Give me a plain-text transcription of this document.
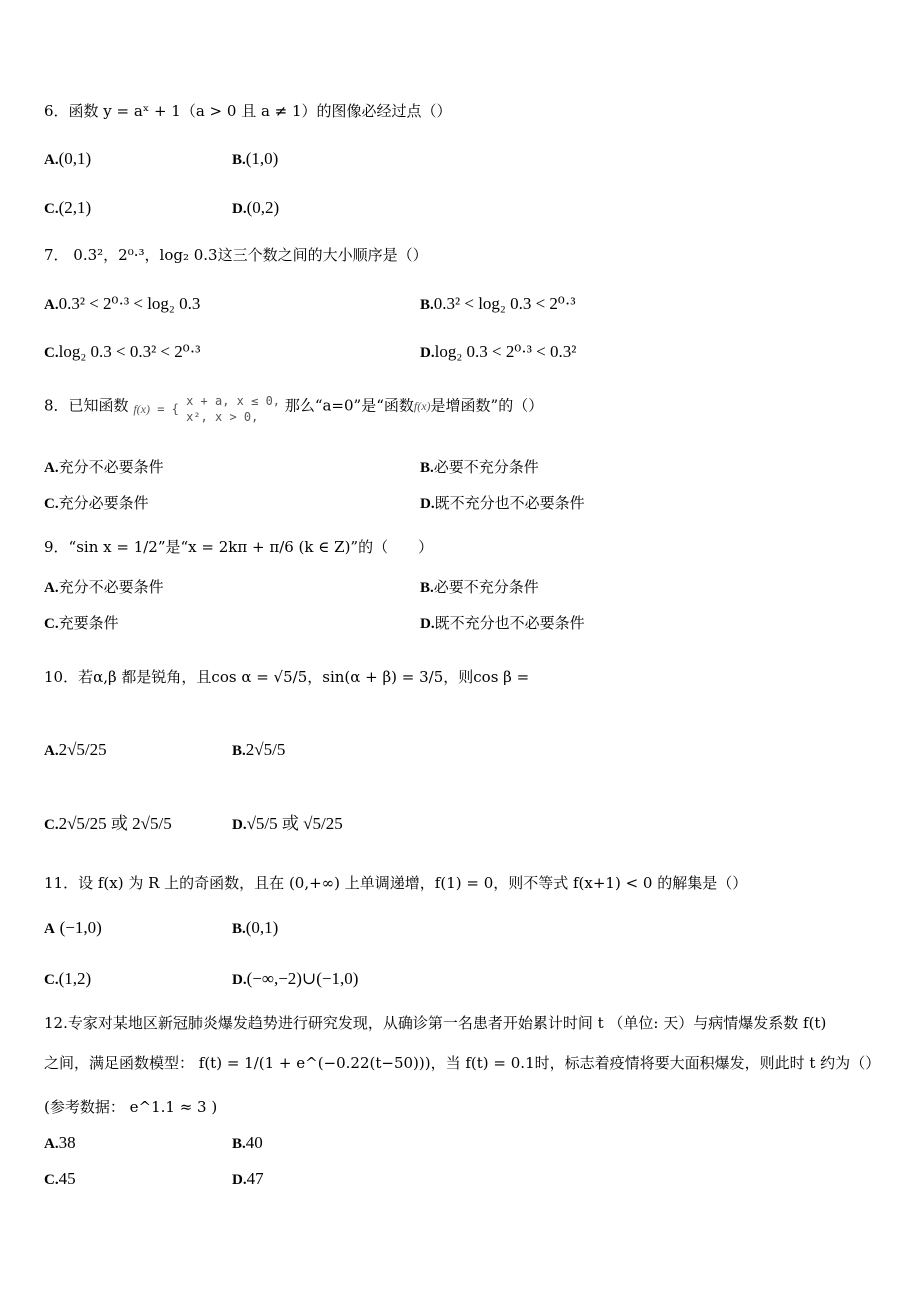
6．函数 y = aˣ + 1（a > 0 且 a ≠ 1）的图像必经过点（）
A.(0,1)	B.(1,0)
C.(2,1)	D.(0,2)
7． 0.3²，2⁰·³，log₂ 0.3这三个数之间的大小顺序是（）
A.0.3² < 2⁰·³ < log₂ 0.3	B.0.3² < log₂ 0.3 < 2⁰·³
C.log₂ 0.3 < 0.3² < 2⁰·³	D.log₂ 0.3 < 2⁰·³ < 0.3²
8．已知函数 f(x) = {
x + a, x ≤ 0,
x², x > 0,
那么“a=0”是“函数f(x)是增函数”的（）
A.充分不必要条件	B.必要不充分条件
C.充分必要条件	D.既不充分也不必要条件
9．“sin x = 1/2”是“x = 2kπ + π/6 (k ∈ Z)”的（　　）
A.充分不必要条件	B.必要不充分条件
C.充要条件	D.既不充分也不必要条件
10．若α,β 都是锐角，且cos α = √5/5，sin(α + β) = 3/5，则cos β =
A.2√5/25	B.2√5/5
C.2√5/25 或 2√5/5	D.√5/5 或 √5/25
11．设 f(x) 为 R 上的奇函数，且在 (0,+∞) 上单调递增，f(1) = 0，则不等式 f(x+1) < 0 的解集是（）
A (−1,0)	B.(0,1)
C.(1,2)	D.(−∞,−2)∪(−1,0)
12.专家对某地区新冠肺炎爆发趋势进行研究发现，从确诊第一名患者开始累计时间 t （单位: 天）与病情爆发系数 f(t)
之间，满足函数模型： f(t) = 1/(1 + e^(−0.22(t−50)))，当 f(t) = 0.1时，标志着疫情将要大面积爆发，则此时 t 约为（）
(参考数据： e^1.1 ≈ 3 )
A.38	B.40
C.45	D.47
